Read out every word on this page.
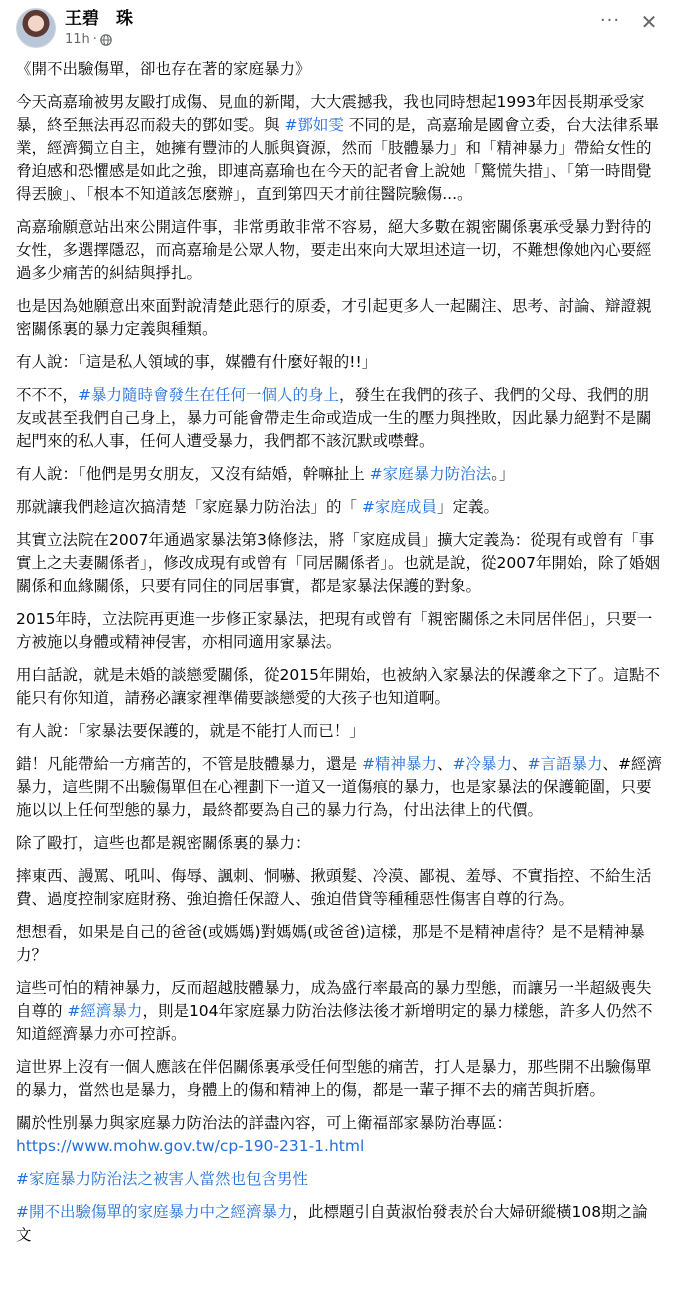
王碧　珠
11h ·
··· ✕

《開不出驗傷單，卻也存在著的家庭暴力》

今天高嘉瑜被男友毆打成傷、見血的新聞，大大震撼我，我也同時想起1993年因長期承受家暴，終至無法再忍而殺夫的鄧如雯。與 #鄧如雯 不同的是，高嘉瑜是國會立委，台大法律系畢業，經濟獨立自主，她擁有豐沛的人脈與資源，然而「肢體暴力」和「精神暴力」帶給女性的脅迫感和恐懼感是如此之強，即連高嘉瑜也在今天的記者會上說她「驚慌失措」、「第一時間覺得丟臉」、「根本不知道該怎麼辦」，直到第四天才前往醫院驗傷...。

高嘉瑜願意站出來公開這件事，非常勇敢非常不容易，絕大多數在親密關係裏承受暴力對待的女性，多選擇隱忍，而高嘉瑜是公眾人物，要走出來向大眾坦述這一切，不難想像她內心要經過多少痛苦的糾結與掙扎。

也是因為她願意出來面對說清楚此惡行的原委，才引起更多人一起關注、思考、討論、辯證親密關係裏的暴力定義與種類。

有人說：「這是私人領域的事，媒體有什麼好報的!!」

不不不，#暴力隨時會發生在任何一個人的身上，發生在我們的孩子、我們的父母、我們的朋友或甚至我們自己身上，暴力可能會帶走生命或造成一生的壓力與挫敗，因此暴力絕對不是關起門來的私人事，任何人遭受暴力，我們都不該沉默或噤聲。

有人說：「他們是男女朋友，又沒有結婚，幹嘛扯上 #家庭暴力防治法。」

那就讓我們趁這次搞清楚「家庭暴力防治法」的「 #家庭成員」定義。

其實立法院在2007年通過家暴法第3條修法，將「家庭成員」擴大定義為：從現有或曾有「事實上之夫妻關係者」，修改成現有或曾有「同居關係者」。也就是說，從2007年開始，除了婚姻關係和血緣關係，只要有同住的同居事實，都是家暴法保護的對象。

2015年時，立法院再更進一步修正家暴法，把現有或曾有「親密關係之未同居伴侶」，只要一方被施以身體或精神侵害，亦相同適用家暴法。

用白話說，就是未婚的談戀愛關係，從2015年開始，也被納入家暴法的保護傘之下了。這點不能只有你知道，請務必讓家裡準備要談戀愛的大孩子也知道啊。

有人說：「家暴法要保護的，就是不能打人而已！」

錯！凡能帶給一方痛苦的，不管是肢體暴力，還是 #精神暴力、#冷暴力、#言語暴力、#經濟暴力，這些開不出驗傷單但在心裡劃下一道又一道傷痕的暴力，也是家暴法的保護範圍，只要施以以上任何型態的暴力，最終都要為自己的暴力行為，付出法律上的代價。

除了毆打，這些也都是親密關係裏的暴力：

摔東西、謾罵、吼叫、侮辱、諷刺、恫嚇、揪頭髮、冷漠、鄙視、羞辱、不實指控、不給生活費、過度控制家庭財務、強迫擔任保證人、強迫借貸等種種惡性傷害自尊的行為。

想想看，如果是自己的爸爸(或媽媽)對媽媽(或爸爸)這樣，那是不是精神虐待？是不是精神暴力？

這些可怕的精神暴力，反而超越肢體暴力，成為盛行率最高的暴力型態，而讓另一半超級喪失自尊的 #經濟暴力，則是104年家庭暴力防治法修法後才新增明定的暴力樣態，許多人仍然不知道經濟暴力亦可控訴。

這世界上沒有一個人應該在伴侶關係裏承受任何型態的痛苦，打人是暴力，那些開不出驗傷單的暴力，當然也是暴力，身體上的傷和精神上的傷，都是一輩子揮不去的痛苦與折磨。

關於性別暴力與家庭暴力防治法的詳盡內容，可上衛福部家暴防治專區：
https://www.mohw.gov.tw/cp-190-231-1.html

#家庭暴力防治法之被害人當然也包含男性

#開不出驗傷單的家庭暴力中之經濟暴力，此標題引自黃淑怡發表於台大婦研縱橫108期之論文
